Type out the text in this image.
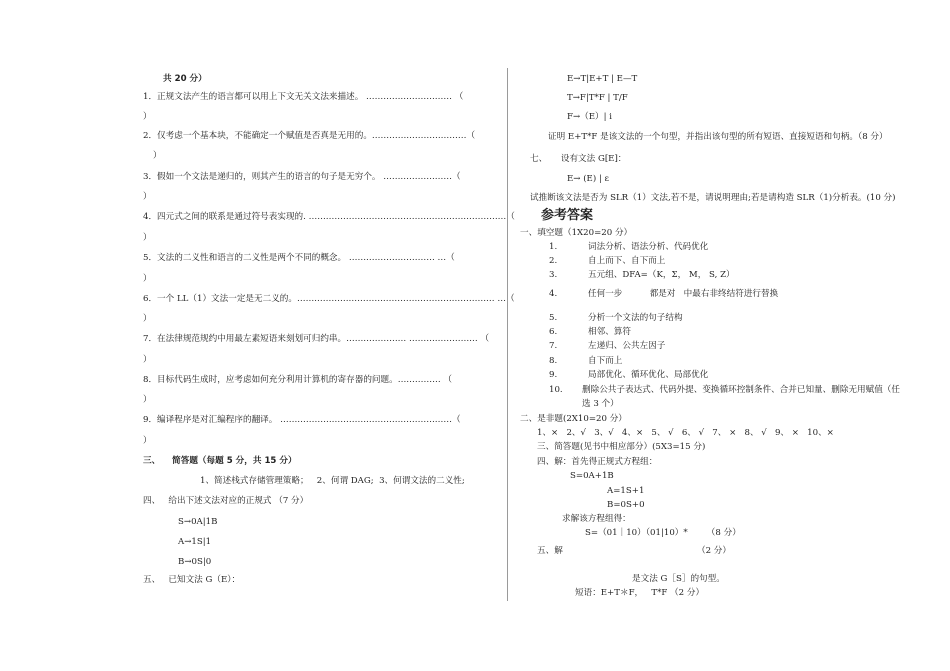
共 20 分）
1．正规文法产生的语言都可以用上下文无关文法来描述。 ………………………… （
）
2．仅考虑一个基本块，不能确定一个赋值是否真是无用的。……………………………（
）
3．假如一个文法是递归的，则其产生的语言的句子是无穷个。 ……………………（
）
4．四元式之间的联系是通过符号表实现的. ……………………………………………………………（
）
5．文法的二义性和语言的二义性是两个不同的概念。 ………………………… …（
）
6．一个 LL（1）文法一定是无二义的。…………………………………………………………… …（
）
7．在法律规范规约中用最左素短语来刻划可归约串。………………… …………………… （
）
8．目标代码生成时，应考虑如何充分利用计算机的寄存器的问题。…………… （
）
9．编译程序是对汇编程序的翻译。 ……………………………………………………（
）
三、    简答题（每题 5 分，共 15 分）
1、简述栈式存储管理策略；   2、何谓 DAG;  3、何谓文法的二义性;
四、   给出下述文法对应的正规式 （7 分）
S→0A|1B
A→1S|1
B→0S|0
五、   已知文法 G（E）：
E→T|E+T | E—T
T→F|T*F | T/F
F→（E）| i
证明 E+T*F 是该文法的一个句型，并指出该句型的所有短语、直接短语和句柄。（8 分）
七、     设有文法 G[E]：
E→ (E) | ε
试推断该文法是否为 SLR（1）文法,若不是，请说明理由;若是请构造 SLR（1)分析表。(10 分)
参考答案
一、填空题（1X20=20 分）
1.	词法分析、语法分析、代码优化
2.	自上而下、自下而上
3.	五元组、DFA=（K，Σ， M， S, Z）
4.	任何一步          都是对   中最右非终结符进行替换
5.	分析一个文法的句子结构
6.	相邻、算符
7.	左递归、公共左因子
8.	自下而上
9.	局部优化、循环优化、局部优化
10. 删除公共子表达式、代码外提、变换循环控制条件、合并已知量、删除无用赋值（任
选 3 个）
二、是非题(2X10=20 分）
1、×   2、√   3、√   4、×   5、 √   6、 √   7、 ×   8、 √   9、 ×   10、×
三、简答题(见书中相应部分）(5X3=15 分)
四、解：首先得正规式方程组：
S=0A+1B
A=1S+1
B=0S+0
求解该方程组得：
S=（01｜10）（01|10）*       （8 分）
五、解	（2 分）
是文法 G［S］的句型。
短语：E+T＊F，   T*F （2 分）
